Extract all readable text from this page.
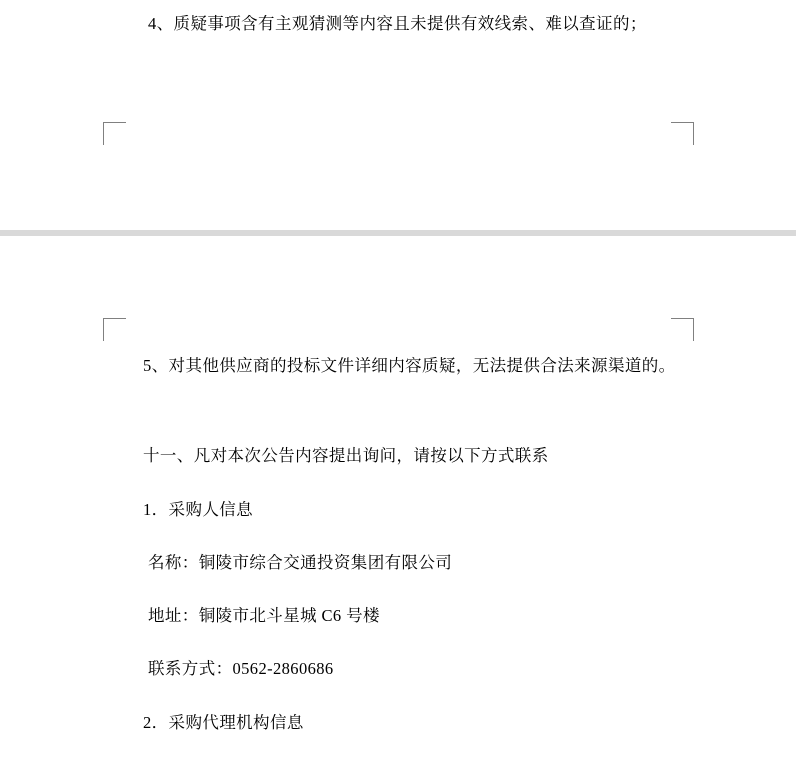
4、质疑事项含有主观猜测等内容且未提供有效线索、难以查证的；
5、对其他供应商的投标文件详细内容质疑，无法提供合法来源渠道的。
十一、凡对本次公告内容提出询问，请按以下方式联系
1．采购人信息
名称：铜陵市综合交通投资集团有限公司
地址：铜陵市北斗星城 C6 号楼
联系方式：0562-2860686
2．采购代理机构信息
